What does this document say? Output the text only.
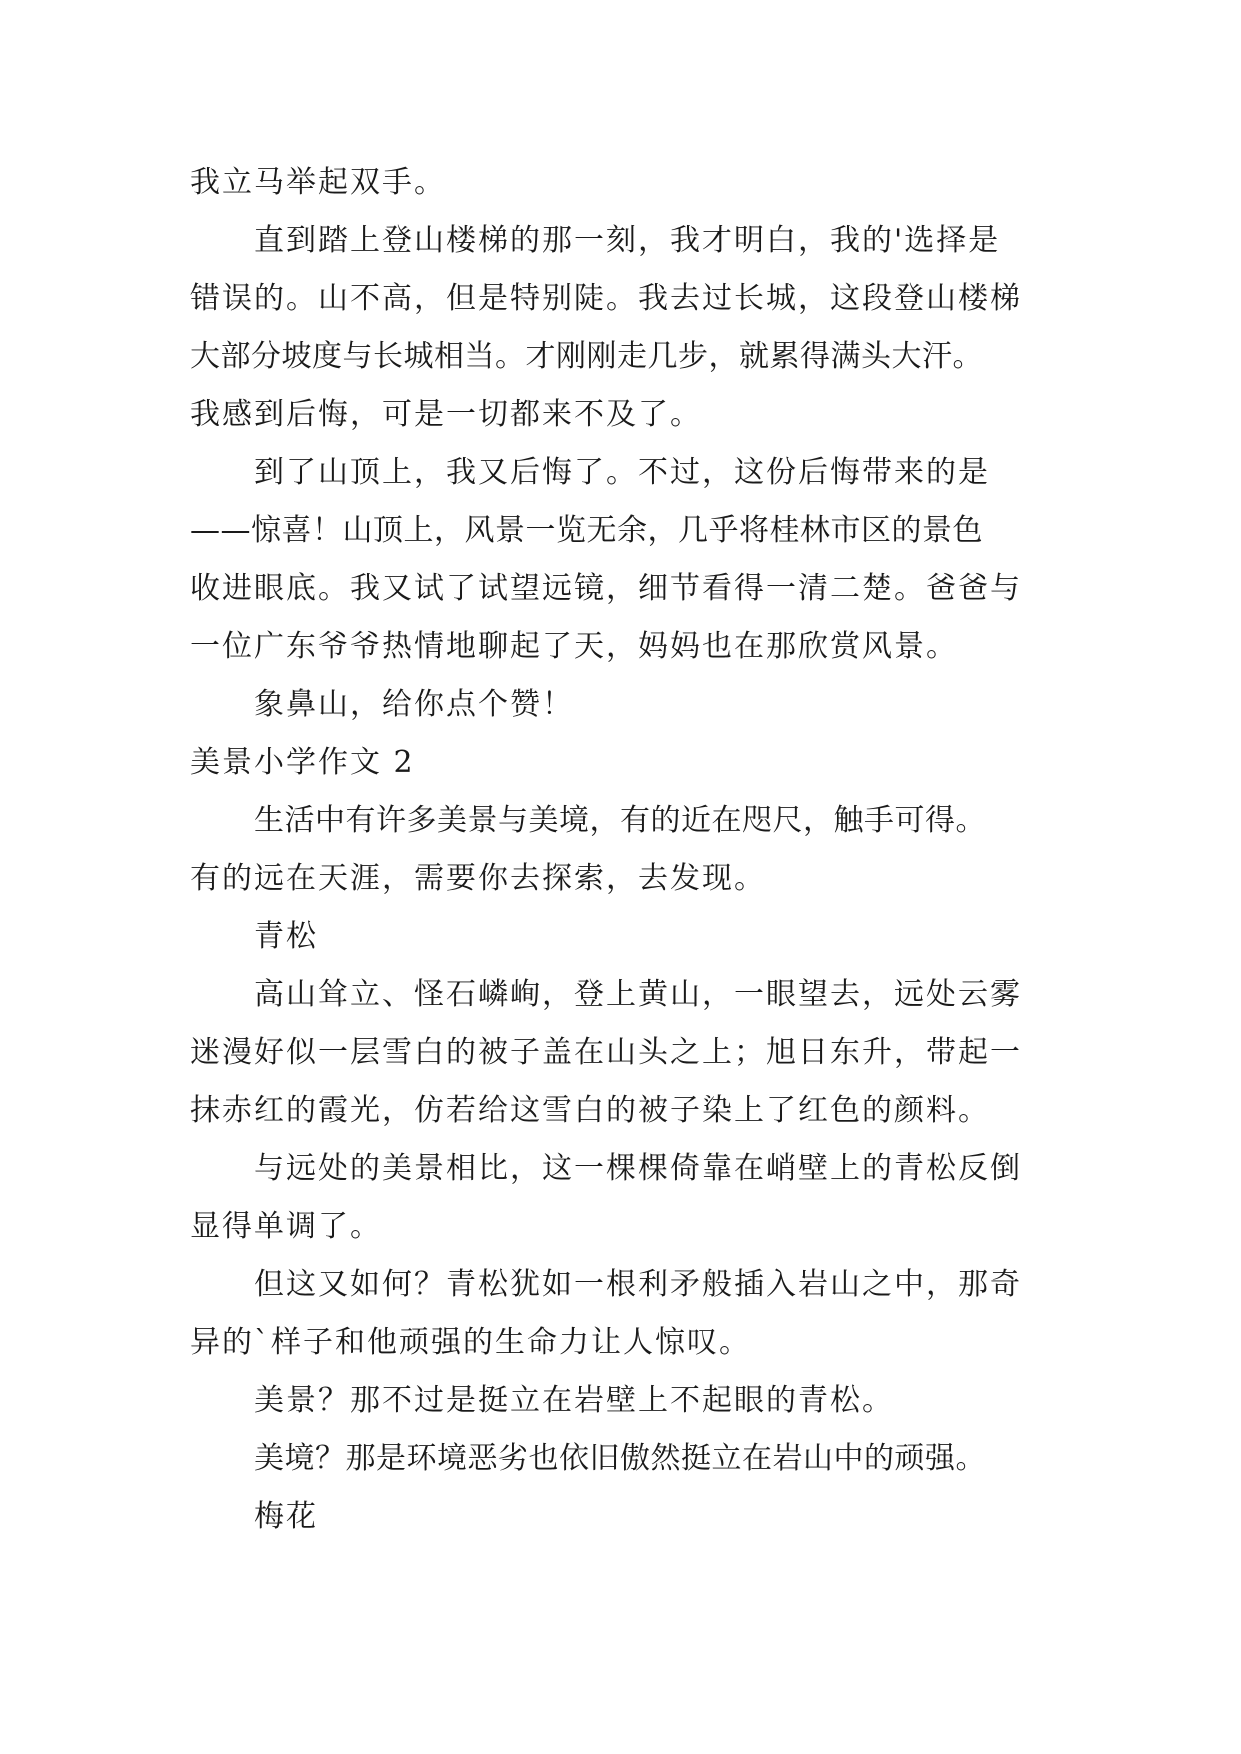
我立马举起双手。
直到踏上登山楼梯的那一刻，我才明白，我的'选择是
错误的。山不高，但是特别陡。我去过长城，这段登山楼梯
大部分坡度与长城相当。才刚刚走几步，就累得满头大汗。
我感到后悔，可是一切都来不及了。
到了山顶上，我又后悔了。不过，这份后悔带来的是
——惊喜！山顶上，风景一览无余，几乎将桂林市区的景色
收进眼底。我又试了试望远镜，细节看得一清二楚。爸爸与
一位广东爷爷热情地聊起了天，妈妈也在那欣赏风景。
象鼻山，给你点个赞！
美景小学作文 2
生活中有许多美景与美境，有的近在咫尺，触手可得。
有的远在天涯，需要你去探索，去发现。
青松
高山耸立、怪石嶙峋，登上黄山，一眼望去，远处云雾
迷漫好似一层雪白的被子盖在山头之上；旭日东升，带起一
抹赤红的霞光，仿若给这雪白的被子染上了红色的颜料。
与远处的美景相比，这一棵棵倚靠在峭壁上的青松反倒
显得单调了。
但这又如何？青松犹如一根利矛般插入岩山之中，那奇
异的`样子和他顽强的生命力让人惊叹。
美景？那不过是挺立在岩壁上不起眼的青松。
美境？那是环境恶劣也依旧傲然挺立在岩山中的顽强。
梅花
